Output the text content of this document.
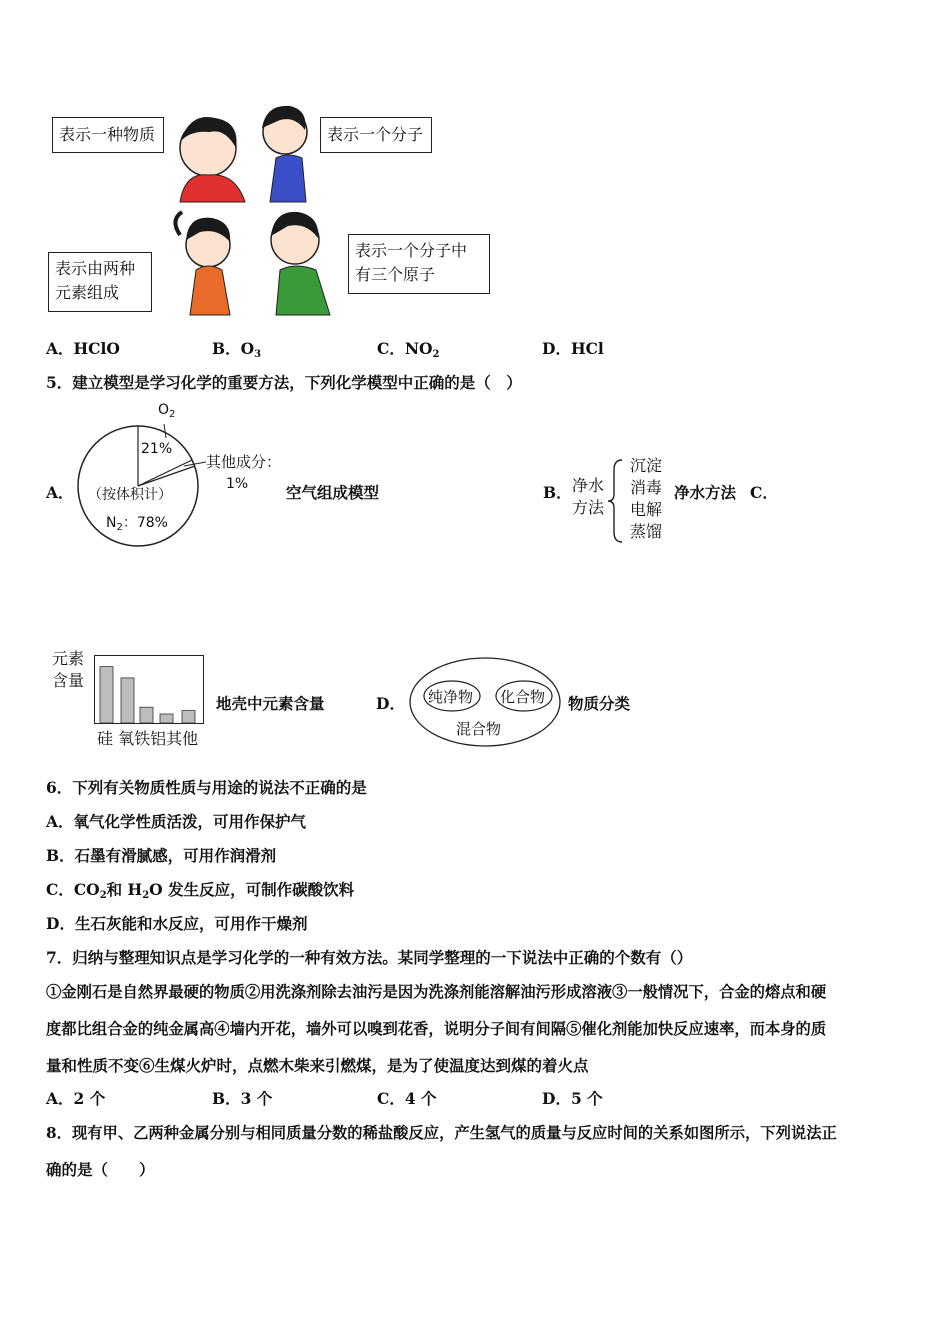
表示一种物质	表示一个分子
表示由两种
元素组成
表示一个分子中
有三个原子
A．HClO	B．$O_3$	C．$NO_2$	D．HCl
5．建立模型是学习化学的重要方法，下列化学模型中正确的是（　）
A．
$O_2$
21%
其他成分：
1%
（按体积计）
$N_2$：78%
空气组成模型	B． 净水
方法
沉淀
消毒
电解
蒸馏
净水方法 C．
元素
含量
硅 氧铁铝其他
地壳中元素含量	D． 纯净物 化合物
混合物
物质分类
6．下列有关物质性质与用途的说法不正确的是
A．氧气化学性质活泼，可用作保护气
B．石墨有滑腻感，可用作润滑剂
C．$CO_2$和 $H_2O$ 发生反应，可制作碳酸饮料
D．生石灰能和水反应，可用作干燥剂
7．归纳与整理知识点是学习化学的一种有效方法。某同学整理的一下说法中正确的个数有（）
①金刚石是自然界最硬的物质②用洗涤剂除去油污是因为洗涤剂能溶解油污形成溶液③一般情况下，合金的熔点和硬
度都比组合金的纯金属高④墙内开花，墙外可以嗅到花香，说明分子间有间隔⑤催化剂能加快反应速率，而本身的质
量和性质不变⑥生煤火炉时，点燃木柴来引燃煤，是为了使温度达到煤的着火点
A．2 个	B．3 个	C．4 个	D．5 个
8．现有甲、乙两种金属分别与相同质量分数的稀盐酸反应，产生氢气的质量与反应时间的关系如图所示，下列说法正
确的是（　　）
